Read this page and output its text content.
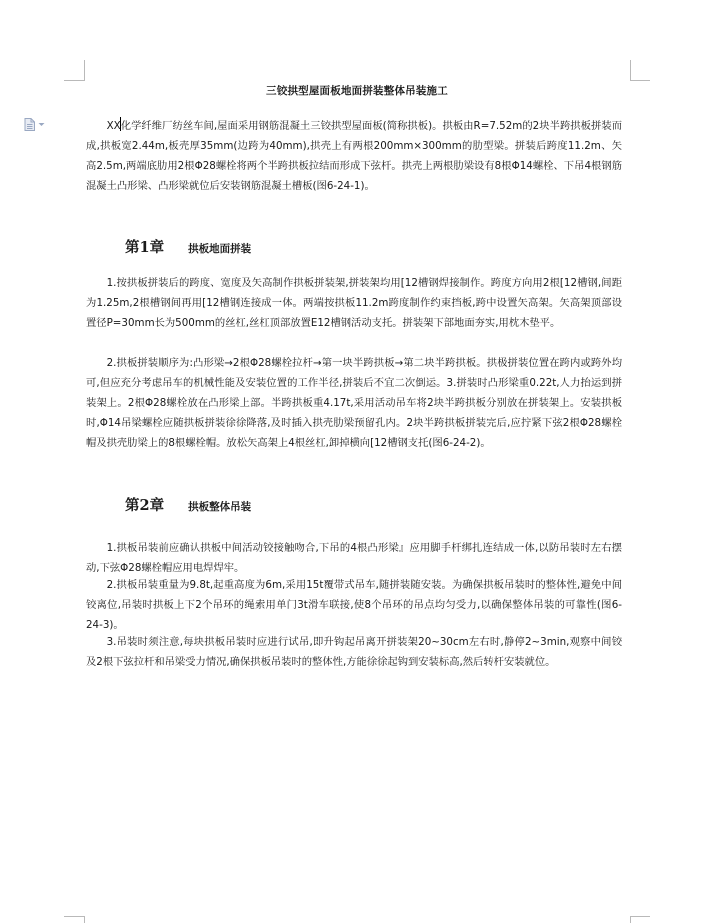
三铰拱型屋面板地面拼装整体吊装施工

XX化学纤维厂纺丝车间,屋面采用钢筋混凝土三铰拱型屋面板(简称拱板)。拱板由R=7.52m的2块半跨拱板拼装而成,拱板宽2.44m,板壳厚35mm(边跨为40mm),拱壳上有两根200mm×300mm的肋型梁。拼装后跨度11.2m、矢高2.5m,两端底肋用2根Φ28螺栓将两个半跨拱板拉结而形成下弦杆。拱壳上两根肋梁设有8根Φ14螺栓、下吊4根钢筋混凝土凸形梁、凸形梁就位后安装钢筋混凝土槽板(图6-24-1)。

第1章 拱板地面拼装

1.按拱板拼装后的跨度、宽度及矢高制作拱板拼装架,拼装架均用[12槽钢焊接制作。跨度方向用2根[12槽钢,间距为1.25m,2根槽钢间再用[12槽钢连接成一体。两端按拱板11.2m跨度制作约束挡板,跨中设置矢高架。矢高架顶部设置径P=30mm长为500mm的丝杠,丝杠顶部放置E12槽钢活动支托。拼装架下部地面夯实,用枕木垫平。

2.拱板拼装顺序为:凸形梁→2根Φ28螺栓拉杆→第一块半跨拱板→第二块半跨拱板。拱极拼装位置在跨内或跨外均可,但应充分考虑吊车的机械性能及安装位置的工作半径,拼装后不宜二次倒运。3.拼装时凸形梁重0.22t,人力抬运到拼装架上。2根Φ28螺栓放在凸形梁上部。半跨拱板重4.17t,采用活动吊车将2块半跨拱板分别放在拼装架上。安装拱板时,Φ14吊梁螺栓应随拱板拼装徐徐降落,及时插入拱壳肋梁预留孔内。2块半跨拱板拼装完后,应拧紧下弦2根Φ28螺栓帽及拱壳肋梁上的8根螺栓帽。放松矢高架上4根丝杠,卸掉横向[12槽钢支托(图6-24-2)。

第2章 拱板整体吊装

1.拱板吊装前应确认拱板中间活动铰接触吻合,下吊的4根凸形梁』应用脚手杆绑扎连结成一体,以防吊装时左右摆动,下弦Φ28螺栓帽应用电焊焊牢。

2.拱板吊装重量为9.8t,起重高度为6m,采用15t覆带式吊车,随拼装随安装。为确保拱板吊装时的整体性,避免中间铰离位,吊装时拱板上下2个吊环的绳索用单门3t滑车联接,使8个吊环的吊点均匀受力,以确保整体吊装的可靠性(图6-24-3)。

3.吊装时须注意,每块拱板吊装时应进行试吊,即升钩起吊离开拼装架20~30cm左右时,静停2~3min,观察中间铰及2根下弦拉杆和吊梁受力情况,确保拱板吊装时的整体性,方能徐徐起钩到安装标高,然后转杆安装就位。
